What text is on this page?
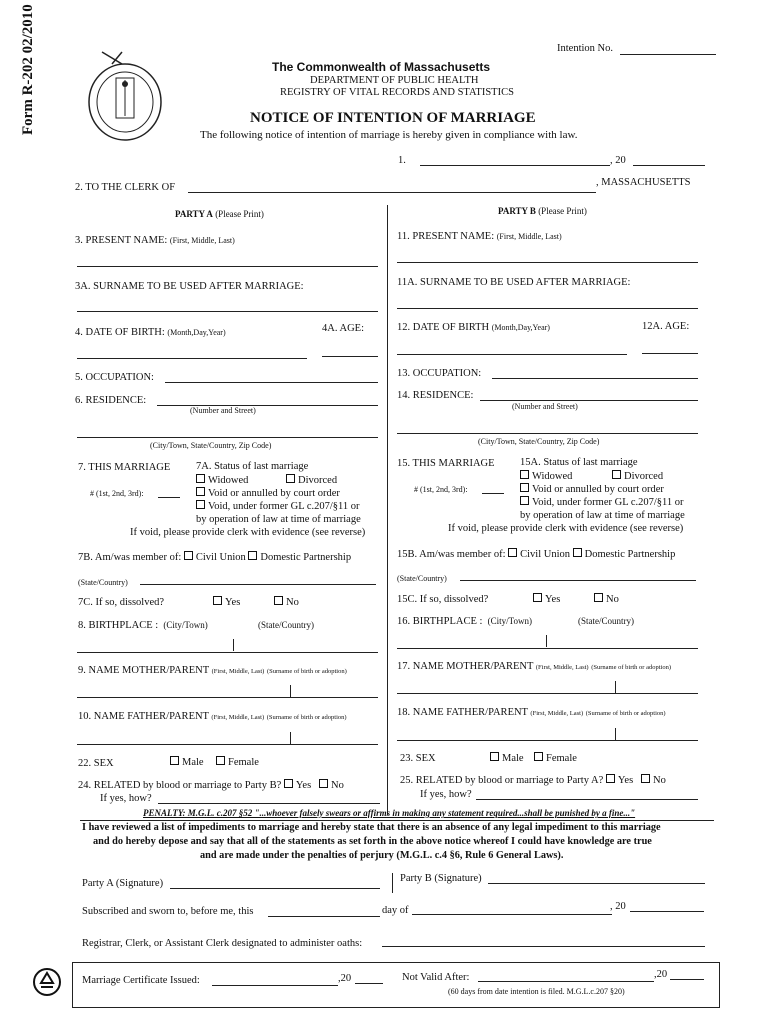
Form R-202 02/2010	Intention No.
The Commonwealth of Massachusetts
DEPARTMENT OF PUBLIC HEALTH
REGISTRY OF VITAL RECORDS AND STATISTICS
NOTICE OF INTENTION OF MARRIAGE
The following notice of intention of marriage is hereby given in compliance with law.
1.	, 20
2. TO THE CLERK OF	, MASSACHUSETTS
PARTY A (Please Print)
3. PRESENT NAME: (First, Middle, Last)
3A. SURNAME TO BE USED AFTER MARRIAGE:
4. DATE OF BIRTH: (Month,Day,Year)	4A. AGE:
5. OCCUPATION:
6. RESIDENCE:
(Number and Street)
(City/Town, State/Country, Zip Code)
7. THIS MARRIAGE
# (1st, 2nd, 3rd):
7A. Status of last marriage
Widowed	Divorced
Void or annulled by court order
Void, under former GL c.207/§11 or
by operation of law at time of marriage
If void, please provide clerk with evidence (see reverse)
7B. Am/was member of: Civil Union Domestic Partnership
(State/Country)
7C. If so, dissolved?	Yes	No
8. BIRTHPLACE : (City/Town)	(State/Country)
9. NAME MOTHER/PARENT (First, Middle, Last) (Surname of birth or adoption)
10. NAME FATHER/PARENT (First, Middle, Last) (Surname of birth or adoption)
22. SEX	Male	Female
24. RELATED by blood or marriage to Party B? Yes No
If yes, how?
PARTY B (Please Print)
11. PRESENT NAME: (First, Middle, Last)
11A. SURNAME TO BE USED AFTER MARRIAGE:
12. DATE OF BIRTH (Month,Day,Year)	12A. AGE:
13. OCCUPATION:
14. RESIDENCE:
(Number and Street)
(City/Town, State/Country, Zip Code)
15. THIS MARRIAGE
# (1st, 2nd, 3rd):
15A. Status of last marriage
Widowed	Divorced
Void or annulled by court order
Void, under former GL c.207/§11 or
by operation of law at time of marriage
If void, please provide clerk with evidence (see reverse)
15B. Am/was member of: Civil Union Domestic Partnership
(State/Country)
15C. If so, dissolved?	Yes	No
16. BIRTHPLACE : (City/Town)	(State/Country)
17. NAME MOTHER/PARENT (First, Middle, Last) (Surname of birth or adoption)
18. NAME FATHER/PARENT (First, Middle, Last) (Surname of birth or adoption)
23. SEX	Male	Female
25. RELATED by blood or marriage to Party A? Yes No
If yes, how?
PENALTY: M.G.L. c.207 §52 "...whoever falsely swears or affirms in making any statement required...shall be punished by a fine..."
I have reviewed a list of impediments to marriage and hereby state that there is an absence of any legal impediment to this marriage
and do hereby depose and say that all of the statements as set forth in the above notice whereof I could have knowledge are true
and are made under the penalties of perjury (M.G.L. c.4 §6, Rule 6 General Laws).
Party A (Signature)	Party B (Signature)
Subscribed and sworn to, before me, this	day of	, 20
Registrar, Clerk, or Assistant Clerk designated to administer oaths:
Marriage Certificate Issued:	,20	Not Valid After:	,20
(60 days from date intention is filed. M.G.L.c.207 §20)
